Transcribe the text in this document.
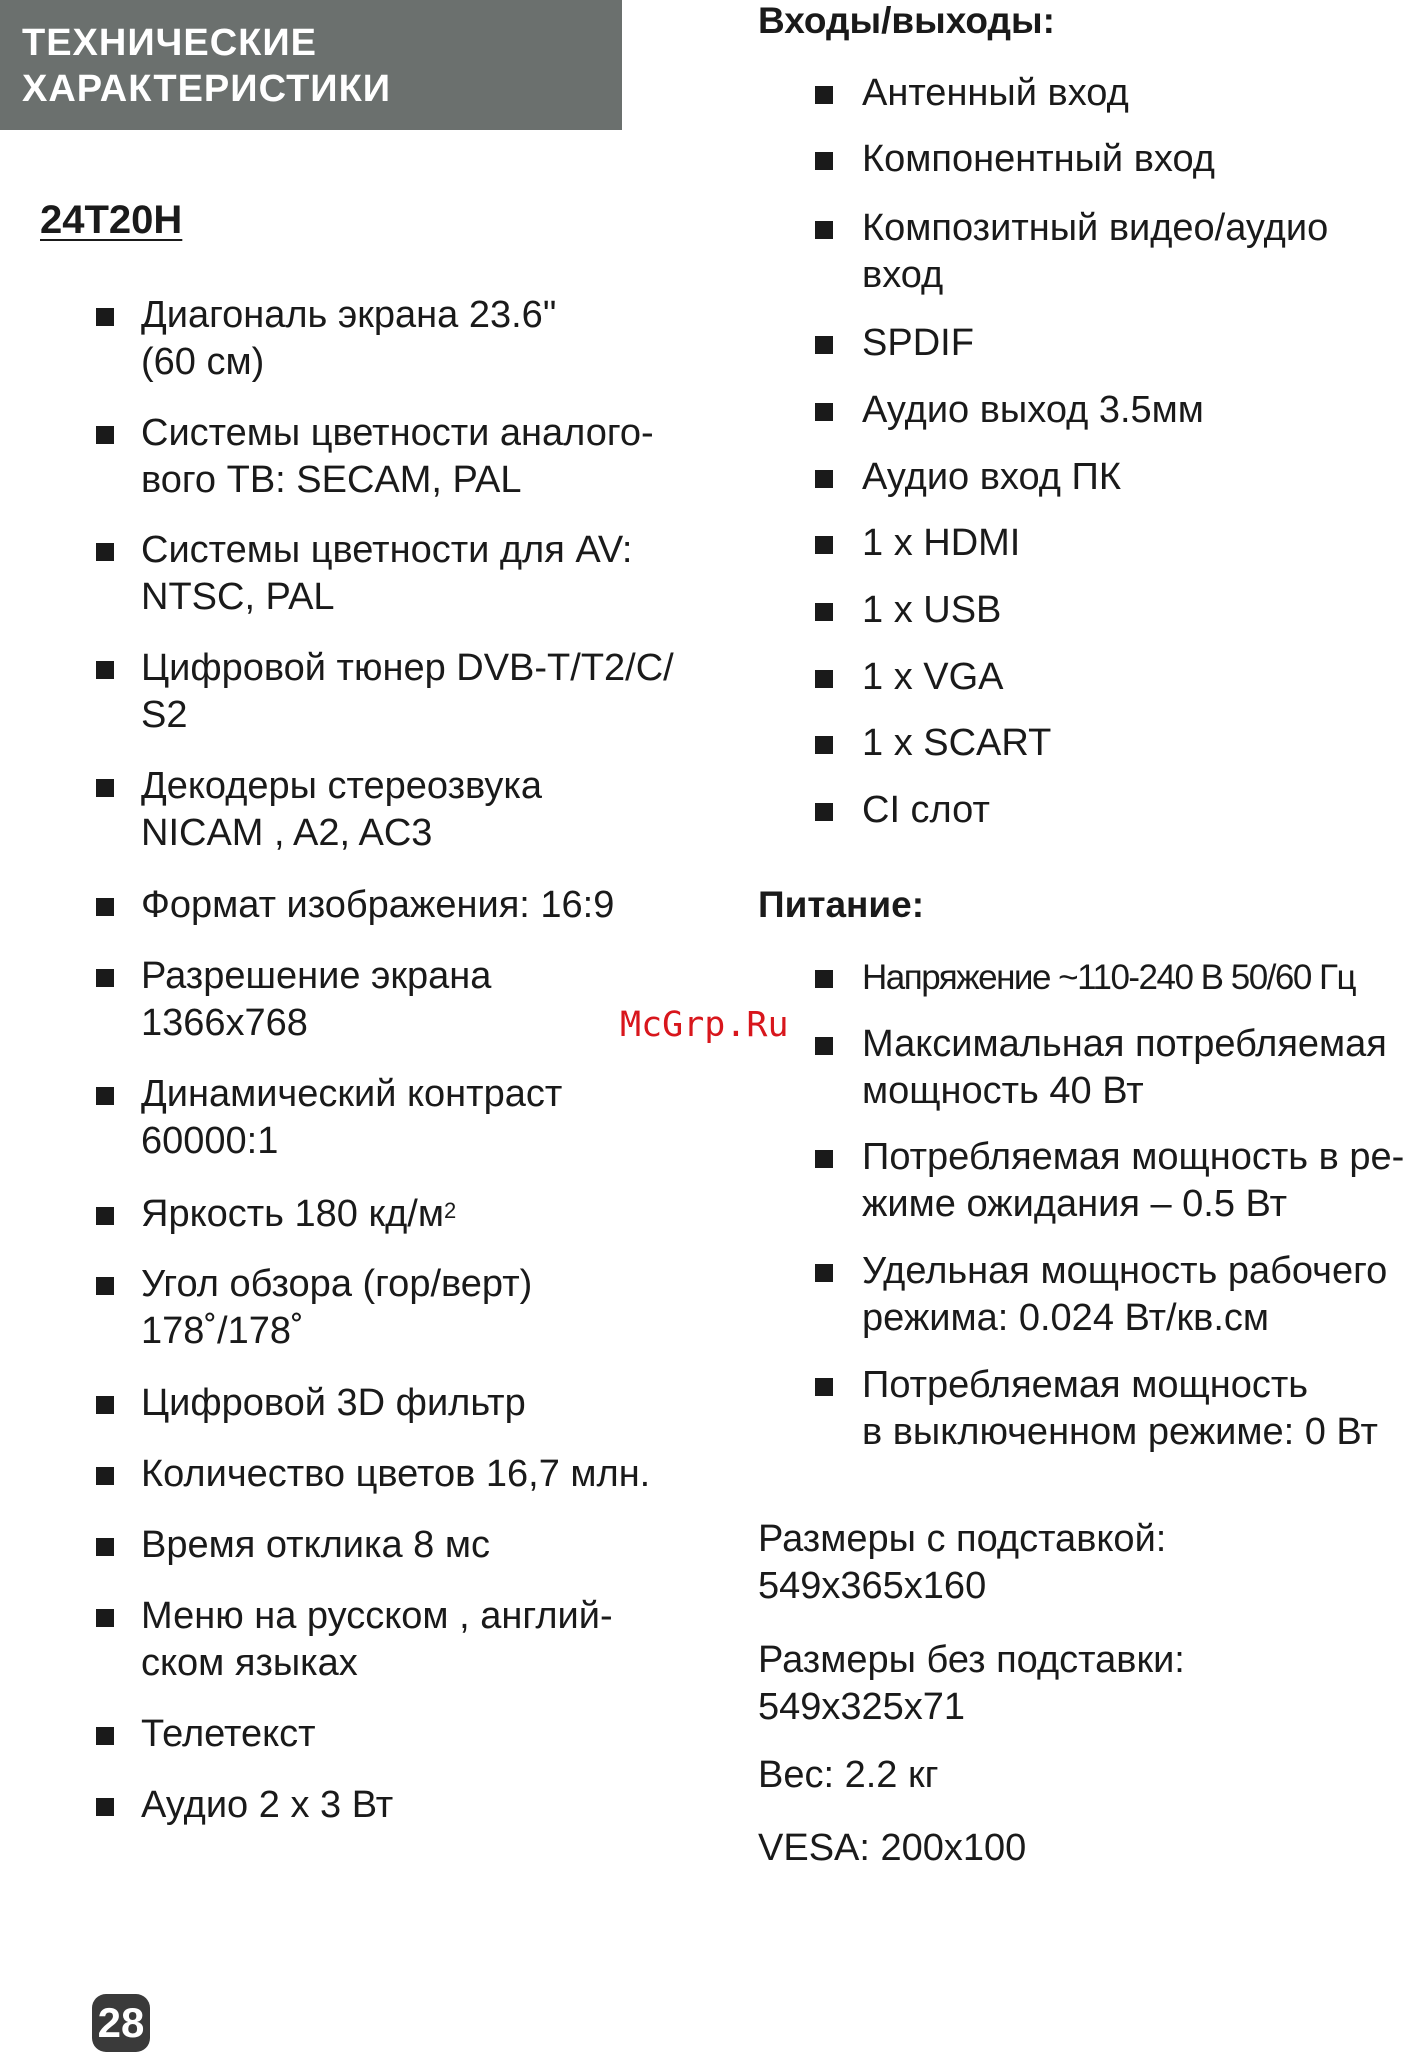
ТЕХНИЧЕСКИЕ
ХАРАКТЕРИСТИКИ
24T20H
Диагональ экрана 23.6"
(60 см)
Системы цветности аналого-
вого ТВ: SECAM, PAL
Системы цветности для AV:
NTSC, PAL
Цифровой тюнер DVB-T/T2/C/
S2
Декодеры стереозвука
NICAM , A2, AC3
Формат изображения: 16:9
Разрешение экрана
1366x768
Динамический контраст
60000:1
Яркость 180 $кд/м^2$
Угол обзора (гор/верт)
178˚/178˚
Цифровой 3D фильтр
Количество цветов 16,7 млн.
Время отклика 8 мс
Меню на русском , англий-
ском языках
Телетекст
Аудио 2 x 3 Вт
Входы/выходы:
Антенный вход
Компонентный вход
Композитный видео/аудио
вход
SPDIF
Аудио выход 3.5мм
Аудио вход ПК
1 x HDMI
1 x USB
1 x VGA
1 x SCART
CI слот
Питание:
Напряжение ~110-240 В 50/60 Гц
Максимальная потребляемая
мощность 40 Вт
Потребляемая мощность в ре-
жиме ожидания – 0.5 Вт
Удельная мощность рабочего
режима: 0.024 Вт/кв.см
Потребляемая мощность
в выключенном режиме: 0 Вт

Размеры с подставкой:
549x365x160

Размеры без подставки:
549x325x71

Вес: 2.2 кг

VESA: 200x100

McGrp.Ru
28
